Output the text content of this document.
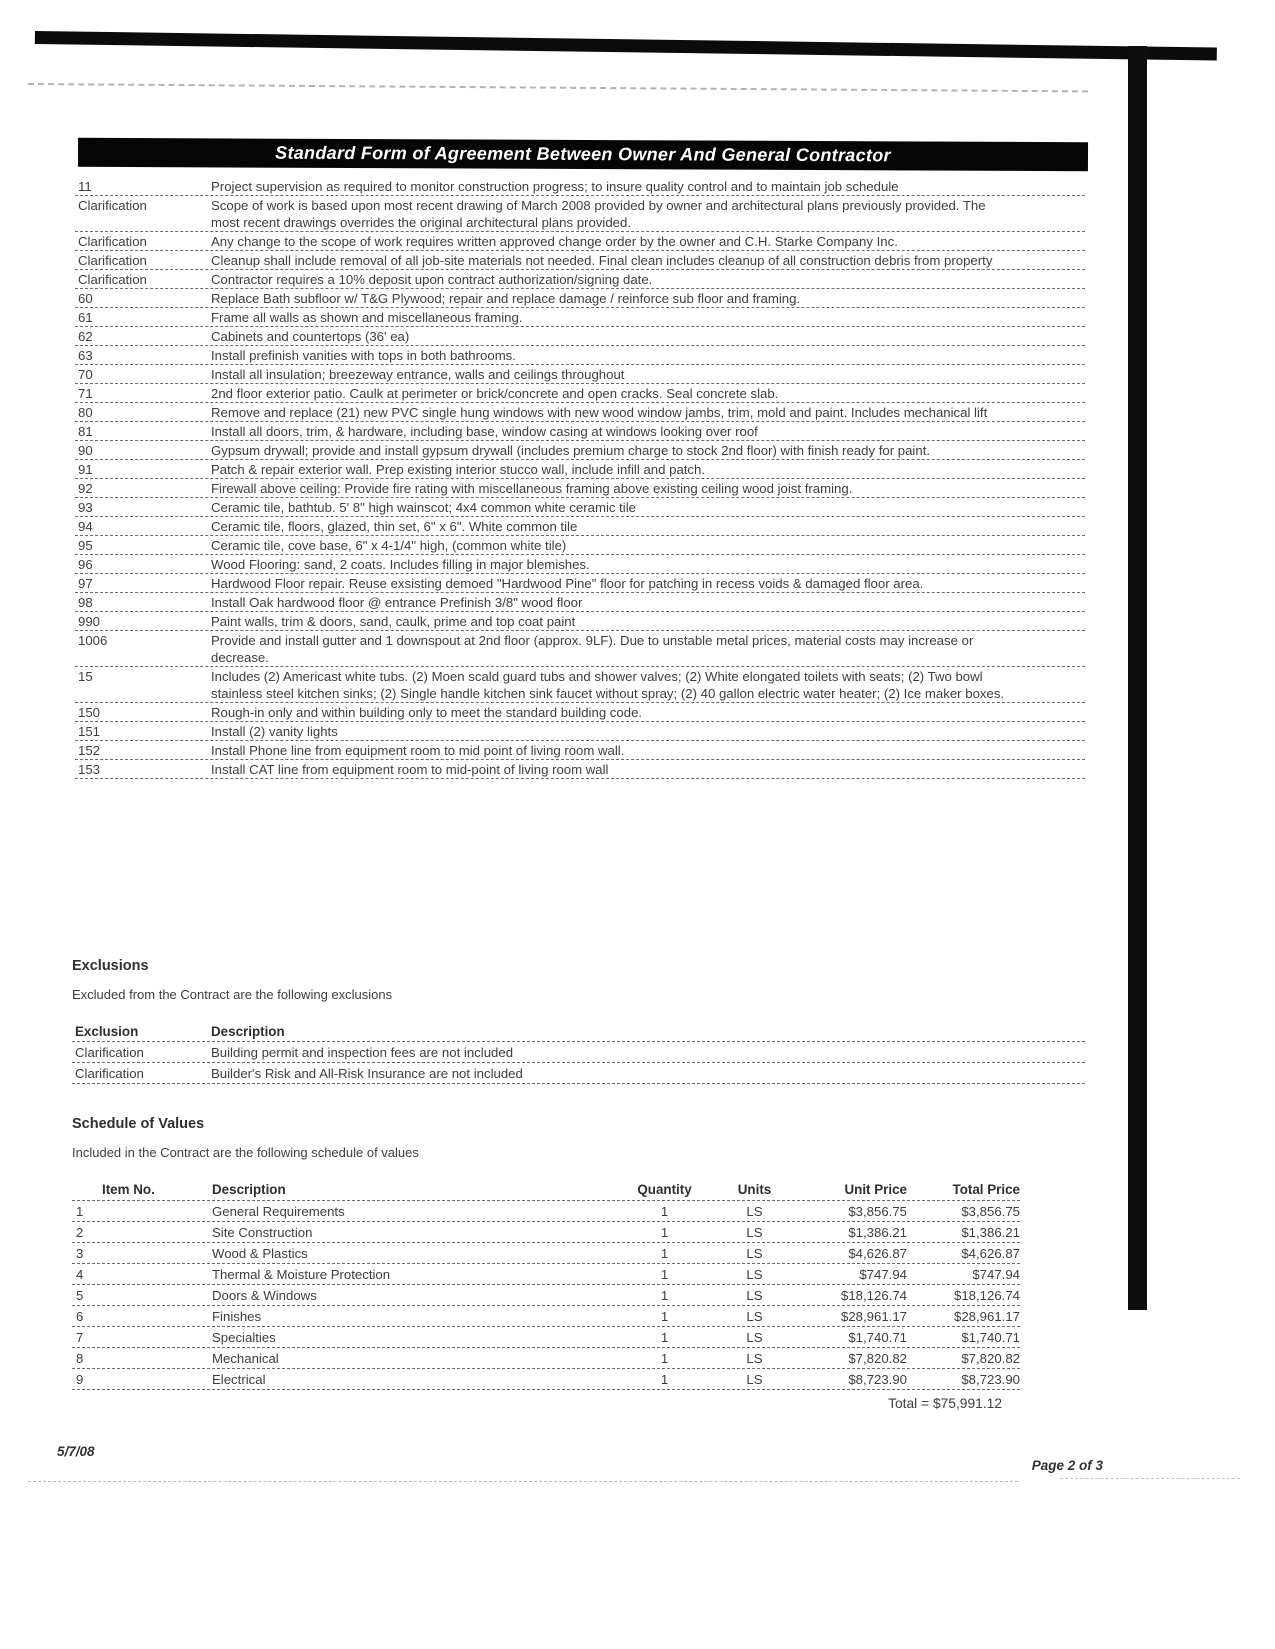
Standard Form of Agreement Between Owner And General Contractor
11	Project supervision as required to monitor construction progress; to insure quality control and to maintain job schedule
Clarification	Scope of work is based upon most recent drawing of March 2008 provided by owner and architectural plans previously provided. The most recent drawings overrides the original architectural plans provided.
Clarification	Any change to the scope of work requires written approved change order by the owner and C.H. Starke Company Inc.
Clarification	Cleanup shall include removal of all job-site materials not needed. Final clean includes cleanup of all construction debris from property
Clarification	Contractor requires a 10% deposit upon contract authorization/signing date.
60	Replace Bath subfloor w/ T&G Plywood; repair and replace damage / reinforce sub floor and framing.
61	Frame all walls as shown and miscellaneous framing.
62	Cabinets and countertops (36' ea)
63	Install prefinish vanities with tops in both bathrooms.
70	Install all insulation; breezeway entrance, walls and ceilings throughout
71	2nd floor exterior patio. Caulk at perimeter or brick/concrete and open cracks. Seal concrete slab.
80	Remove and replace (21) new PVC single hung windows with new wood window jambs, trim, mold and paint. Includes mechanical lift
81	Install all doors, trim, & hardware, including base, window casing at windows looking over roof
90	Gypsum drywall; provide and install gypsum drywall (includes premium charge to stock 2nd floor) with finish ready for paint.
91	Patch & repair exterior wall. Prep existing interior stucco wall, include infill and patch.
92	Firewall above ceiling: Provide fire rating with miscellaneous framing above existing ceiling wood joist framing.
93	Ceramic tile, bathtub. 5' 8" high wainscot; 4x4 common white ceramic tile
94	Ceramic tile, floors, glazed, thin set, 6" x 6". White common tile
95	Ceramic tile, cove base, 6" x 4-1/4" high, (common white tile)
96	Wood Flooring: sand, 2 coats. Includes filling in major blemishes.
97	Hardwood Floor repair. Reuse exsisting demoed "Hardwood Pine" floor for patching in recess voids & damaged floor area.
98	Install Oak hardwood floor @ entrance Prefinish 3/8" wood floor
990	Paint walls, trim & doors, sand, caulk, prime and top coat paint
1006	Provide and install gutter and 1 downspout at 2nd floor (approx. 9LF). Due to unstable metal prices, material costs may increase or decrease.
15	Includes (2) Americast white tubs. (2) Moen scald guard tubs and shower valves; (2) White elongated toilets with seats; (2) Two bowl stainless steel kitchen sinks; (2) Single handle kitchen sink faucet without spray; (2) 40 gallon electric water heater; (2) Ice maker boxes.
150	Rough-in only and within building only to meet the standard building code.
151	Install (2) vanity lights
152	Install Phone line from equipment room to mid point of living room wall.
153	Install CAT line from equipment room to mid-point of living room wall
Exclusions
Excluded from the Contract are the following exclusions
Exclusion	Description
Clarification	Building permit and inspection fees are not included
Clarification	Builder's Risk and All-Risk Insurance are not included
Schedule of Values
Included in the Contract are the following schedule of values
Item No.	Description	Quantity	Units	Unit Price	Total Price
1	General Requirements	1	LS	$3,856.75	$3,856.75
2	Site Construction	1	LS	$1,386.21	$1,386.21
3	Wood & Plastics	1	LS	$4,626.87	$4,626.87
4	Thermal & Moisture Protection	1	LS	$747.94	$747.94
5	Doors & Windows	1	LS	$18,126.74	$18,126.74
6	Finishes	1	LS	$28,961.17	$28,961.17
7	Specialties	1	LS	$1,740.71	$1,740.71
8	Mechanical	1	LS	$7,820.82	$7,820.82
9	Electrical	1	LS	$8,723.90	$8,723.90
Total = $75,991.12
5/7/08
Page 2 of 3
